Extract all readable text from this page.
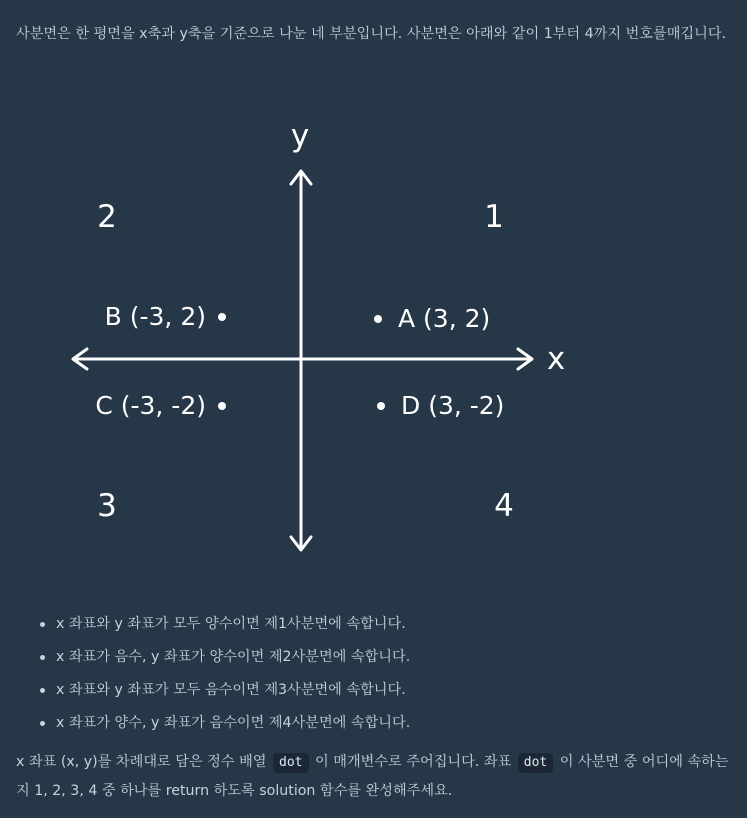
사분면은 한 평면을 x축과 y축을 기준으로 나눈 네 부분입니다. 사분면은 아래와 같이 1부터 4까지 번호를매깁니다.

y
x
1
2
3	4
A (3, 2)
B (-3, 2)
C (-3, -2)	D (3, -2)
x 좌표와 y 좌표가 모두 양수이면 제1사분면에 속합니다.
x 좌표가 음수, y 좌표가 양수이면 제2사분면에 속합니다.
x 좌표와 y 좌표가 모두 음수이면 제3사분면에 속합니다.
x 좌표가 양수, y 좌표가 음수이면 제4사분면에 속합니다.

x 좌표 (x, y)를 차례대로 담은 정수 배열 dot 이 매개변수로 주어집니다. 좌표 dot 이 사분면 중 어디에 속하는지 1, 2, 3, 4 중 하나를 return 하도록 solution 함수를 완성해주세요.
